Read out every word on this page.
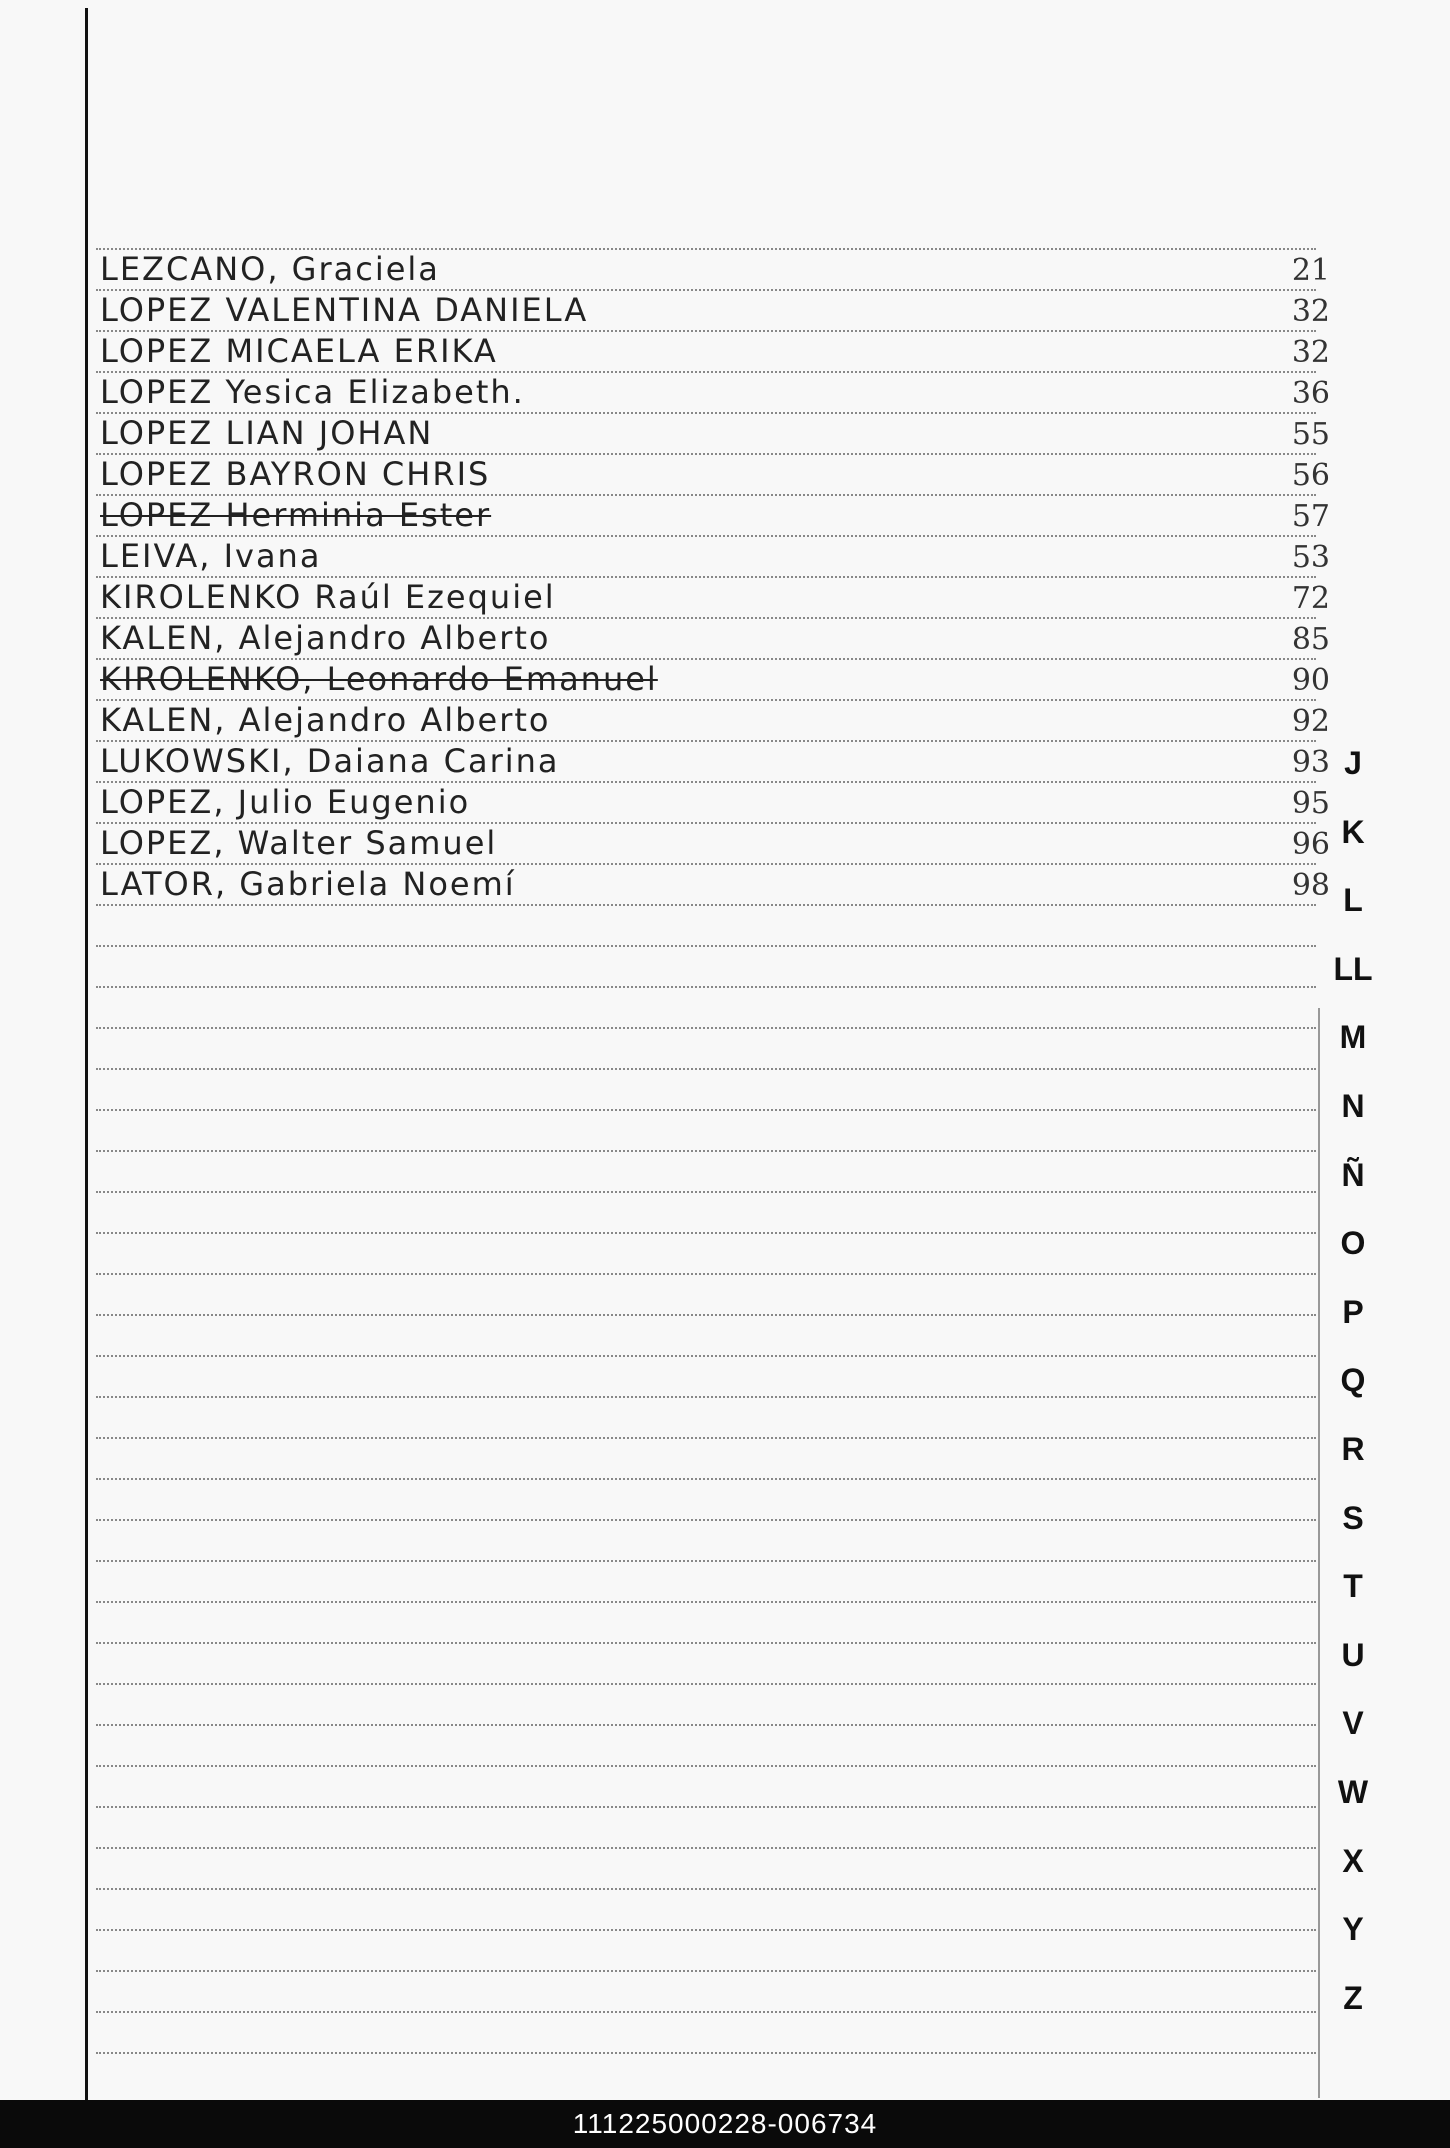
LEZCANO, Graciela	21
LOPEZ VALENTINA DANIELA	32
LOPEZ MICAELA ERIKA	32
LOPEZ Yesica Elizabeth.	36
LOPEZ LIAN JOHAN	55
LOPEZ BAYRON CHRIS	56
LOPEZ Herminia Ester	57
LEIVA, Ivana	53
KIROLENKO Raúl Ezequiel	72
KALEN, Alejandro Alberto	85
KIROLENKO, Leonardo Emanuel	90
KALEN, Alejandro Alberto	92
LUKOWSKI, Daiana Carina	93
LOPEZ, Julio Eugenio	95
LOPEZ, Walter Samuel	96
LATOR, Gabriela Noemí	98
J
K
L
LL
M
N
Ñ
O
P
Q
R
S
T
U
V
W
X
Y
Z
111225000228-006734
